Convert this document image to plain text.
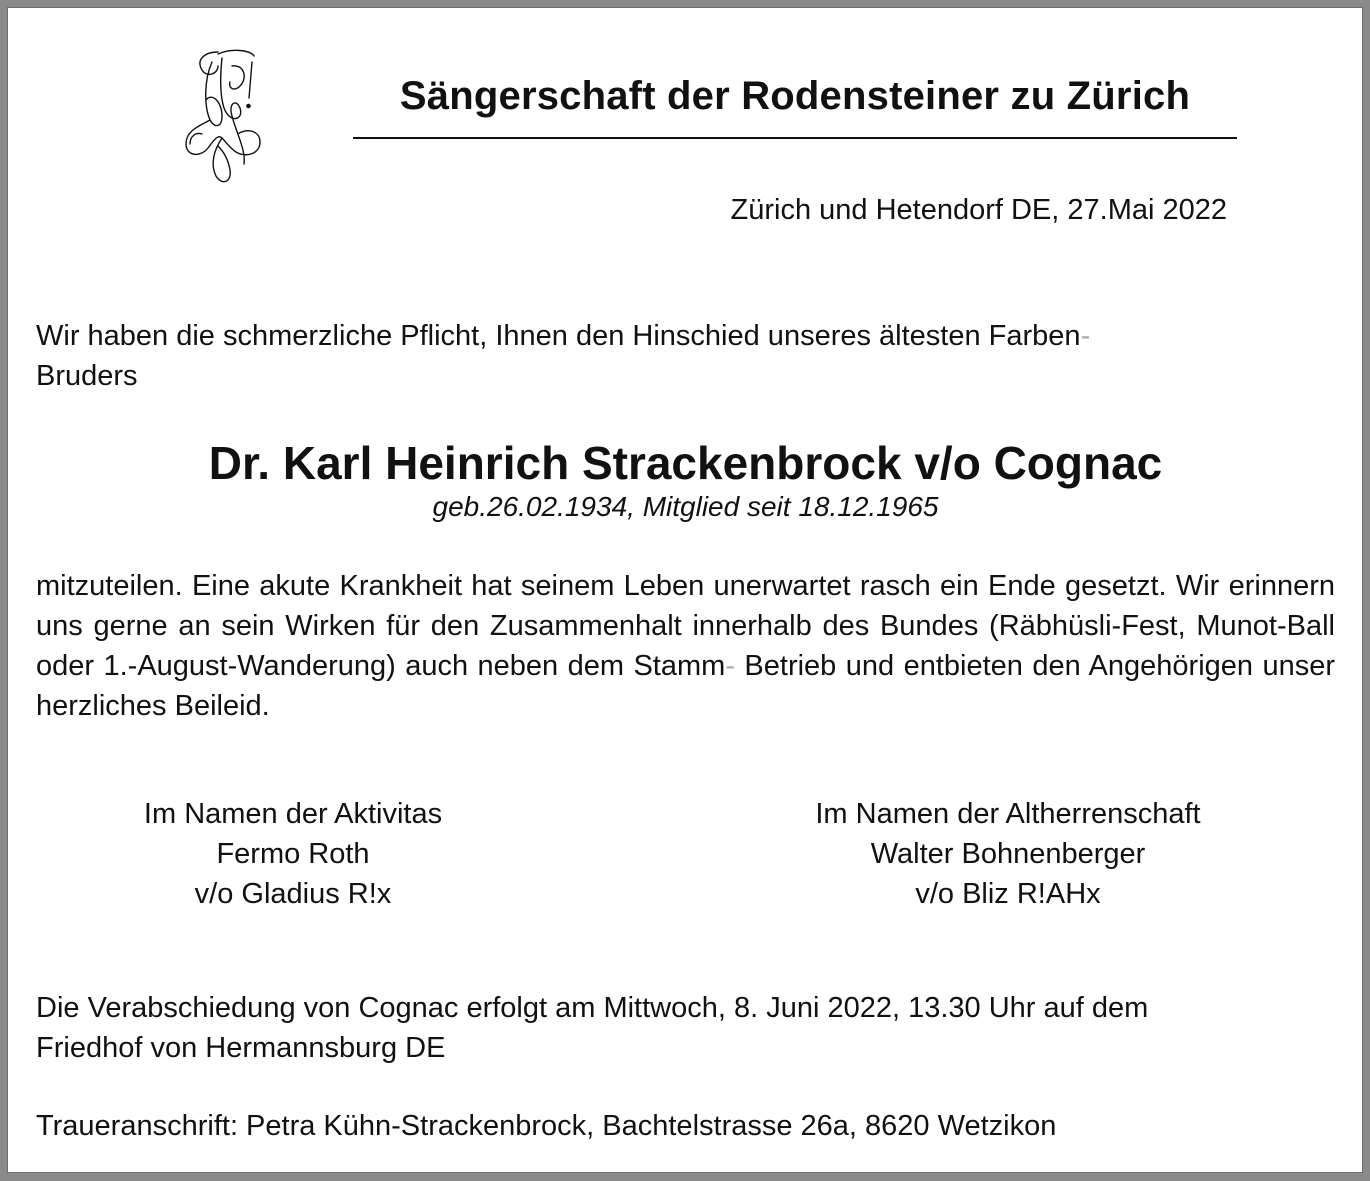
Sängerschaft der Rodensteiner zu Zürich
Zürich und Hetendorf DE, 27.Mai 2022

Wir haben die schmerzliche Pflicht, Ihnen den Hinschied unseres ältesten Farben-
Bruders

Dr. Karl Heinrich Strackenbrock v/o Cognac
geb.26.02.1934, Mitglied seit 18.12.1965

mitzuteilen. Eine akute Krankheit hat seinem Leben unerwartet rasch ein Ende gesetzt. Wir erinnern uns gerne an sein Wirken für den Zusammenhalt innerhalb des Bundes (Räbhüsli-Fest, Munot-Ball oder 1.-August-Wanderung) auch neben dem Stamm- Betrieb und entbieten den Angehörigen unser herzliches Beileid.

Im Namen der Aktivitas
Fermo Roth
v/o Gladius R!x
Im Namen der Altherrenschaft
Walter Bohnenberger
v/o Bliz R!AHx
Die Verabschiedung von Cognac erfolgt am Mittwoch, 8. Juni 2022, 13.30 Uhr auf dem
Friedhof von Hermannsburg DE
Traueranschrift: Petra Kühn-Strackenbrock, Bachtelstrasse 26a, 8620 Wetzikon
